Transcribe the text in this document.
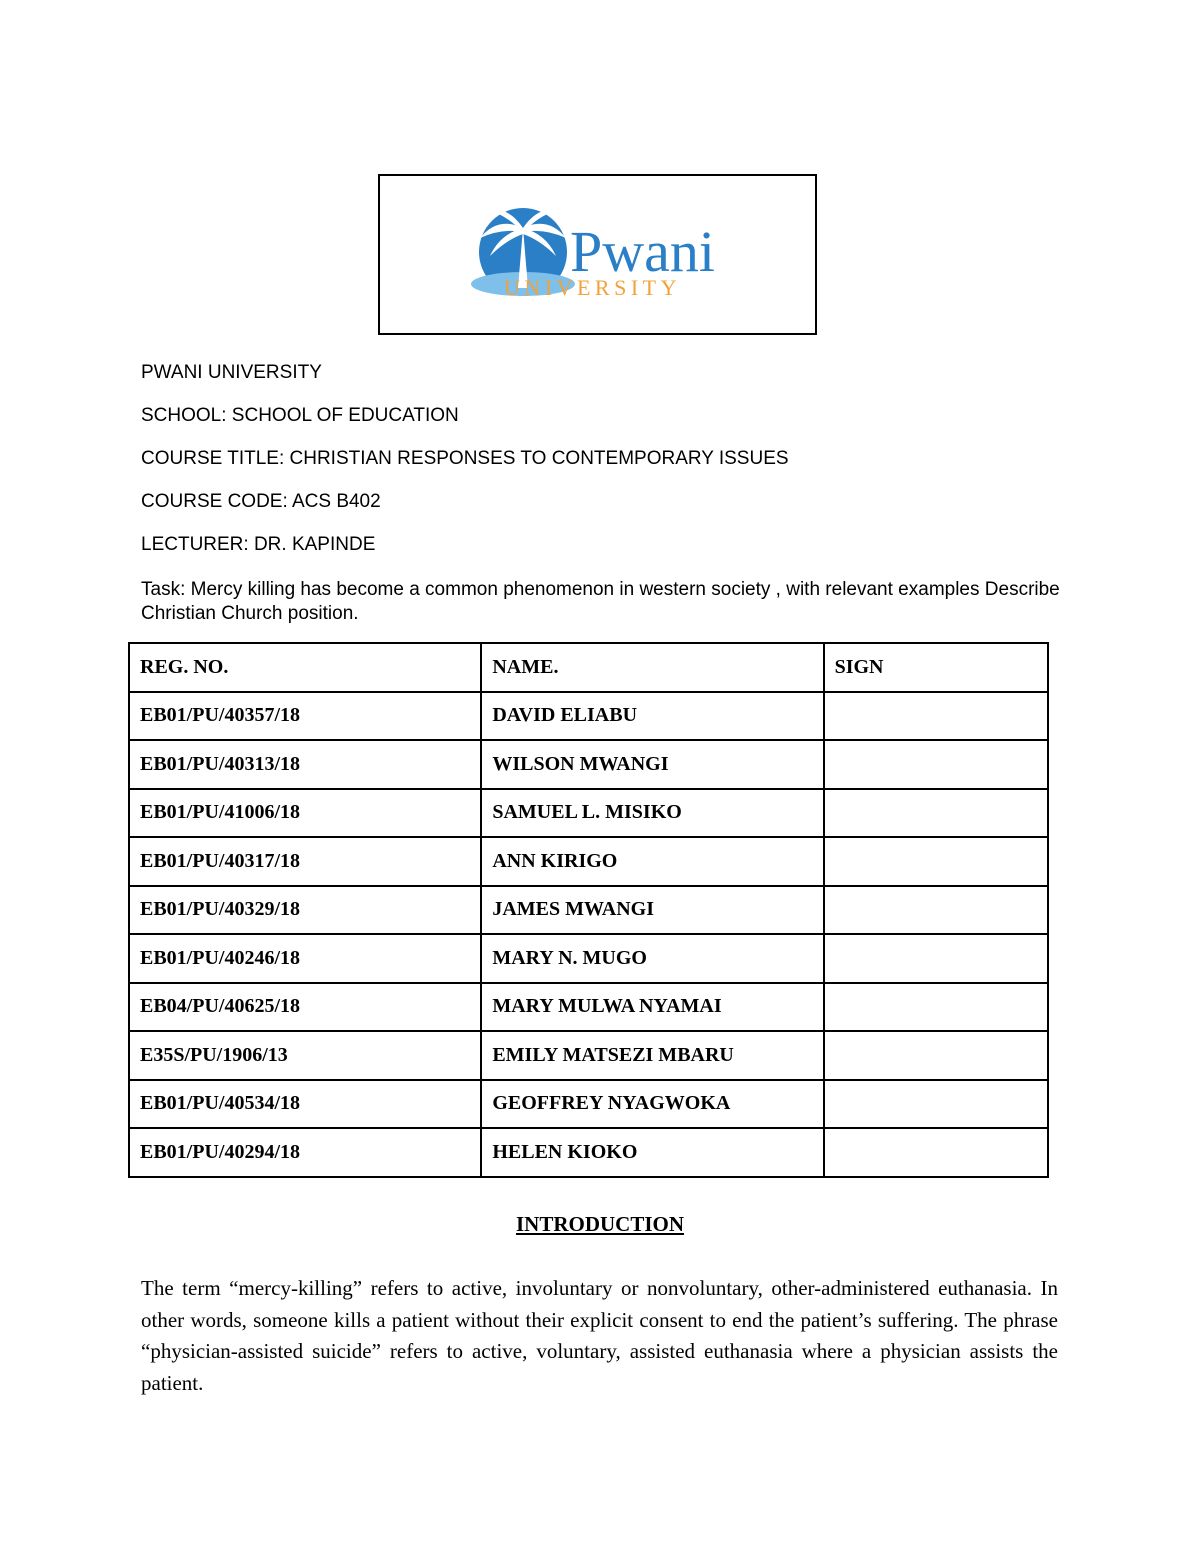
Pwani
UNIVERSITY
PWANI UNIVERSITY
SCHOOL: SCHOOL OF EDUCATION
COURSE TITLE: CHRISTIAN RESPONSES TO CONTEMPORARY ISSUES
COURSE CODE: ACS B402
LECTURER: DR. KAPINDE
Task: Mercy killing has become a common phenomenon in western society , with relevant examples Describe Christian Church position.
REG. NO.	NAME.	SIGN
EB01/PU/40357/18	DAVID ELIABU	
EB01/PU/40313/18	WILSON MWANGI	
EB01/PU/41006/18	SAMUEL L. MISIKO	
EB01/PU/40317/18	ANN KIRIGO	
EB01/PU/40329/18	JAMES MWANGI	
EB01/PU/40246/18	MARY N. MUGO	
EB04/PU/40625/18	MARY MULWA NYAMAI	
E35S/PU/1906/13	EMILY MATSEZI MBARU	
EB01/PU/40534/18	GEOFFREY NYAGWOKA	
EB01/PU/40294/18	HELEN KIOKO	
INTRODUCTION
The term “mercy-killing” refers to active, involuntary or nonvoluntary, other-administered euthanasia. In other words, someone kills a patient without their explicit consent to end the patient’s suffering. The phrase “physician-assisted suicide” refers to active, voluntary, assisted euthanasia where a physician assists the patient.
